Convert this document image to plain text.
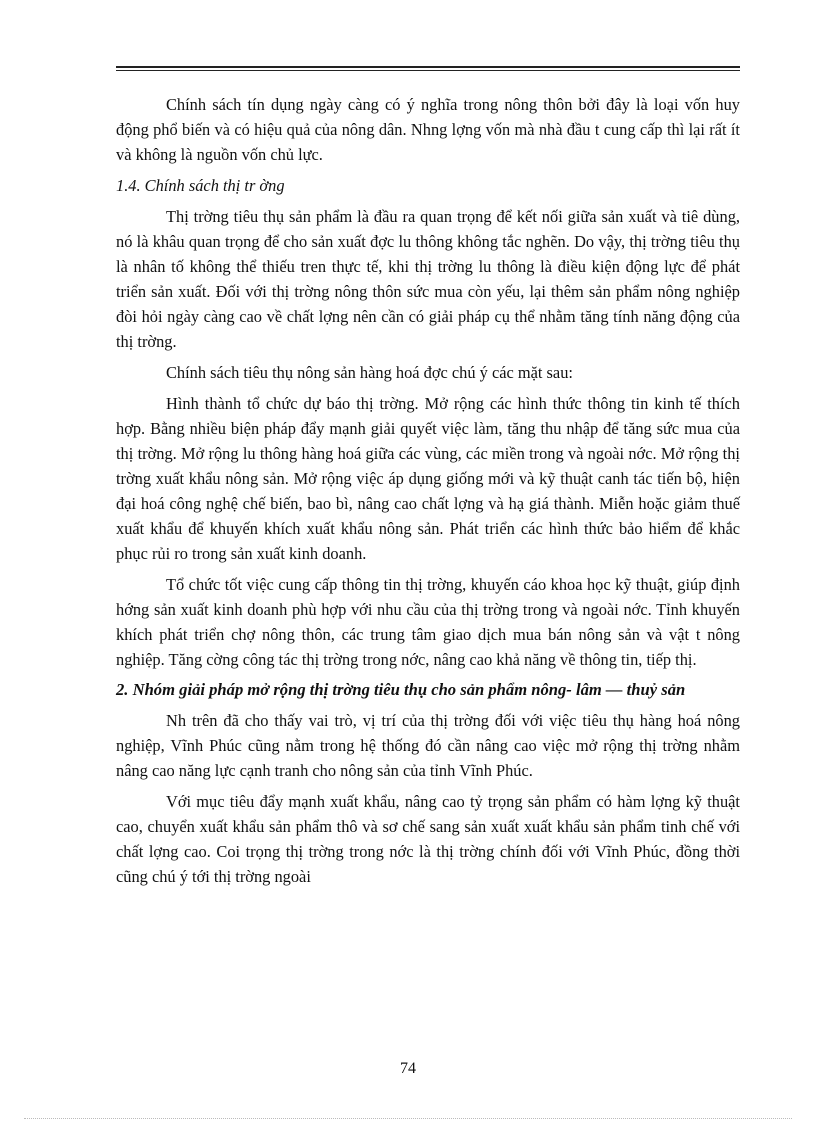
Chính sách tín dụng ngày càng có ý nghĩa trong nông thôn bởi đây là loại vốn huy động phổ biến và có hiệu quả của nông dân. Nhng lợng vốn mà nhà đầu t cung cấp thì lại rất ít và không là nguồn vốn chủ lực.

1.4. Chính sách thị tr ờng

Thị trờng tiêu thụ sản phẩm là đầu ra quan trọng để kết nối giữa sản xuất và tiê dùng, nó là khâu quan trọng để cho sản xuất đợc lu thông không tắc nghẽn. Do vậy, thị trờng tiêu thụ là nhân tố không thể thiếu tren thực tế, khi thị trờng lu thông là điều kiện động lực để phát triển sản xuất. Đối với thị trờng nông thôn sức mua còn yếu, lại thêm sản phẩm nông nghiệp đòi hỏi ngày càng cao về chất lợng nên cần có giải pháp cụ thể nhằm tăng tính năng động của thị trờng.

Chính sách tiêu thụ nông sản hàng hoá đợc chú ý các mặt sau:

Hình thành tổ chức dự báo thị trờng. Mở rộng các hình thức thông tin kinh tế thích hợp. Bằng nhiều biện pháp đẩy mạnh giải quyết việc làm, tăng thu nhập để tăng sức mua của thị trờng. Mở rộng lu thông hàng hoá giữa các vùng, các miền trong và ngoài nớc. Mở rộng thị trờng xuất khẩu nông sản. Mở rộng việc áp dụng giống mới và kỹ thuật canh tác tiến bộ, hiện đại hoá công nghệ chế biến, bao bì, nâng cao chất lợng và hạ giá thành. Miễn hoặc giảm thuế xuất khẩu để khuyến khích xuất khẩu nông sản. Phát triển các hình thức bảo hiểm để khắc phục rủi ro trong sản xuất kinh doanh.

Tổ chức tốt việc cung cấp thông tin thị trờng, khuyến cáo khoa học kỹ thuật, giúp định hớng sản xuất kinh doanh phù hợp với nhu cầu của thị trờng trong và ngoài nớc. Tỉnh khuyến khích phát triển chợ nông thôn, các trung tâm giao dịch mua bán nông sản và vật t nông nghiệp. Tăng cờng công tác thị trờng trong nớc, nâng cao khả năng về thông tin, tiếp thị.

2. Nhóm giải pháp mở rộng thị trờng tiêu thụ cho sản phẩm nông- lâm — thuỷ sản

Nh trên đã cho thấy vai trò, vị trí của thị trờng đối với việc tiêu thụ hàng hoá nông nghiệp, Vĩnh Phúc cũng nằm trong hệ thống đó cần nâng cao việc mở rộng thị trờng nhằm nâng cao năng lực cạnh tranh cho nông sản của tỉnh Vĩnh Phúc.

Với mục tiêu đẩy mạnh xuất khẩu, nâng cao tỷ trọng sản phẩm có hàm lợng kỹ thuật cao, chuyển xuất khẩu sản phẩm thô và sơ chế sang sản xuất xuất khẩu sản phẩm tinh chế với chất lợng cao. Coi trọng thị trờng trong nớc là thị trờng chính đối với Vĩnh Phúc, đồng thời cũng chú ý tới thị trờng ngoài

74
